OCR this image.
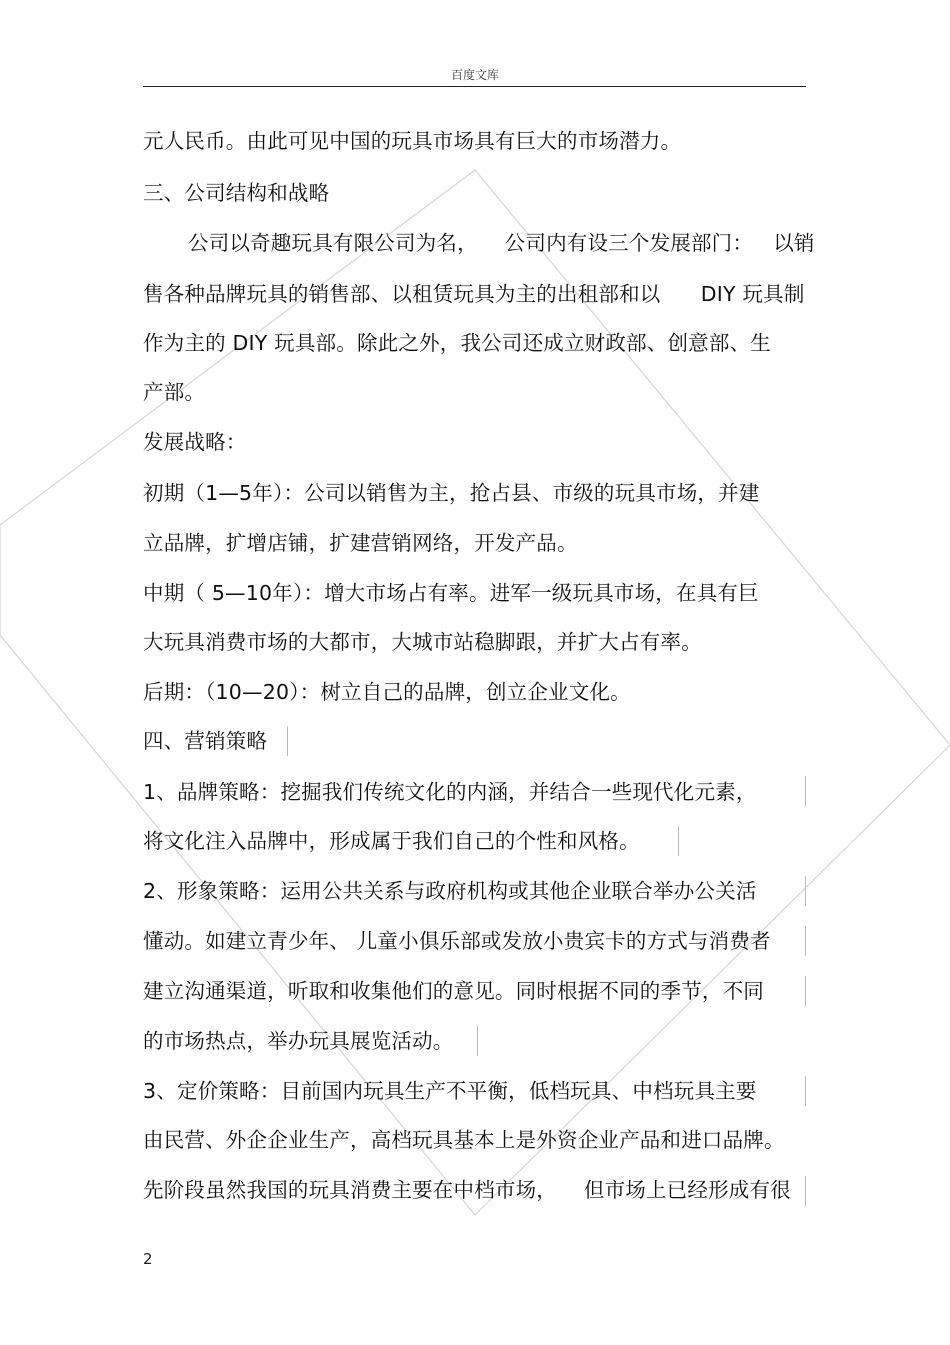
百度文库
元人民币。由此可见中国的玩具市场具有巨大的市场潜力。
三、公司结构和战略
公司以奇趣玩具有限公司为名，    公司内有设三个发展部门：   以销
售各种品牌玩具的销售部、以租赁玩具为主的出租部和以      DIY 玩具制
作为主的 DIY 玩具部。除此之外，我公司还成立财政部、创意部、生
产部。
发展战略：
初期（1—5年）：公司以销售为主，抢占县、市级的玩具市场，并建
立品牌，扩增店铺，扩建营销网络，开发产品。
中期（ 5—10年）：增大市场占有率。进军一级玩具市场，在具有巨
大玩具消费市场的大都市，大城市站稳脚跟，并扩大占有率。
后期：（10—20）：树立自己的品牌，创立企业文化。
四、营销策略
1、品牌策略：挖掘我们传统文化的内涵，并结合一些现代化元素，
将文化注入品牌中，形成属于我们自己的个性和风格。
2、形象策略：运用公共关系与政府机构或其他企业联合举办公关活
懂动。如建立青少年、 儿童小俱乐部或发放小贵宾卡的方式与消费者
建立沟通渠道，听取和收集他们的意见。同时根据不同的季节，不同
的市场热点，举办玩具展览活动。
3、定价策略：目前国内玩具生产不平衡，低档玩具、中档玩具主要
由民营、外企企业生产，高档玩具基本上是外资企业产品和进口品牌。
先阶段虽然我国的玩具消费主要在中档市场，    但市场上已经形成有很
2
